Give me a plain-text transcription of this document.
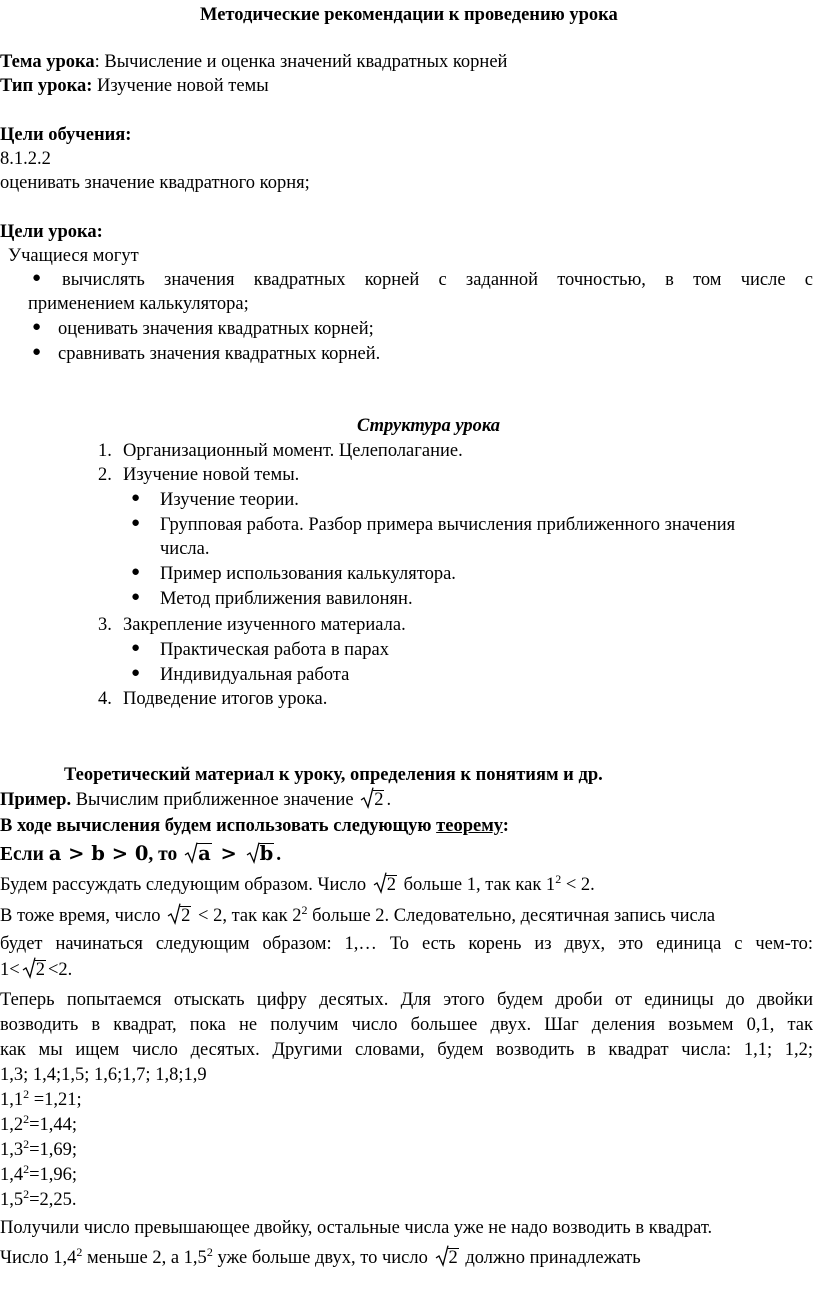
Методические рекомендации к проведению урока
Тема урока: Вычисление и оценка значений квадратных корней
Тип урока: Изучение новой темы
Цели обучения:
8.1.2.2
оценивать значение квадратного корня;
Цели урока:
Учащиеся могут
● вычислять значения квадратных корней с заданной точностью, в том числе с
применением калькулятора;
● оценивать значения квадратных корней;
● сравнивать значения квадратных корней.
Структура урока
1. Организационный момент. Целеполагание.
2. Изучение новой темы.
● Изучение теории.
● Групповая работа. Разбор примера вычисления приближенного значения
числа.
● Пример использования калькулятора.
● Метод приближения вавилонян.
3. Закрепление изученного материала.
● Практическая работа в парах
● Индивидуальная работа
4. Подведение итогов урока.
Теоретический материал к уроку, определения к понятиям и др.
Пример. Вычислим приближенное значение
2 .
В ходе вычисления будем использовать следующую теорему:
Если a > b > 0, то
a >
b .
Будем рассуждать следующим образом. Число
2 больше 1, так как $1^2 < 2$.
В тоже время, число
2 < 2, так как $2^2$ больше 2. Следовательно, десятичная запись числа
будет начинаться следующим образом: 1,… То есть корень из двух, это единица с чем-то:
1< 2 <2.
Теперь попытаемся отыскать цифру десятых. Для этого будем дроби от единицы до двойки
возводить в квадрат, пока не получим число большее двух. Шаг деления возьмем 0,1, так
как мы ищем число десятых. Другими словами, будем возводить в квадрат числа: 1,1; 1,2;
1,3; 1,4;1,5; 1,6;1,7; 1,8;1,9
$1,1^2 =1,21$;
$1,2^2=1,44$;
$1,3^2=1,69$;
$1,4^2=1,96$;
$1,5^2=2,25$.
Получили число превышающее двойку, остальные числа уже не надо возводить в квадрат.
Число $1,4^2$ меньше 2, а $1,5^2$ уже больше двух, то число
2 должно принадлежать
